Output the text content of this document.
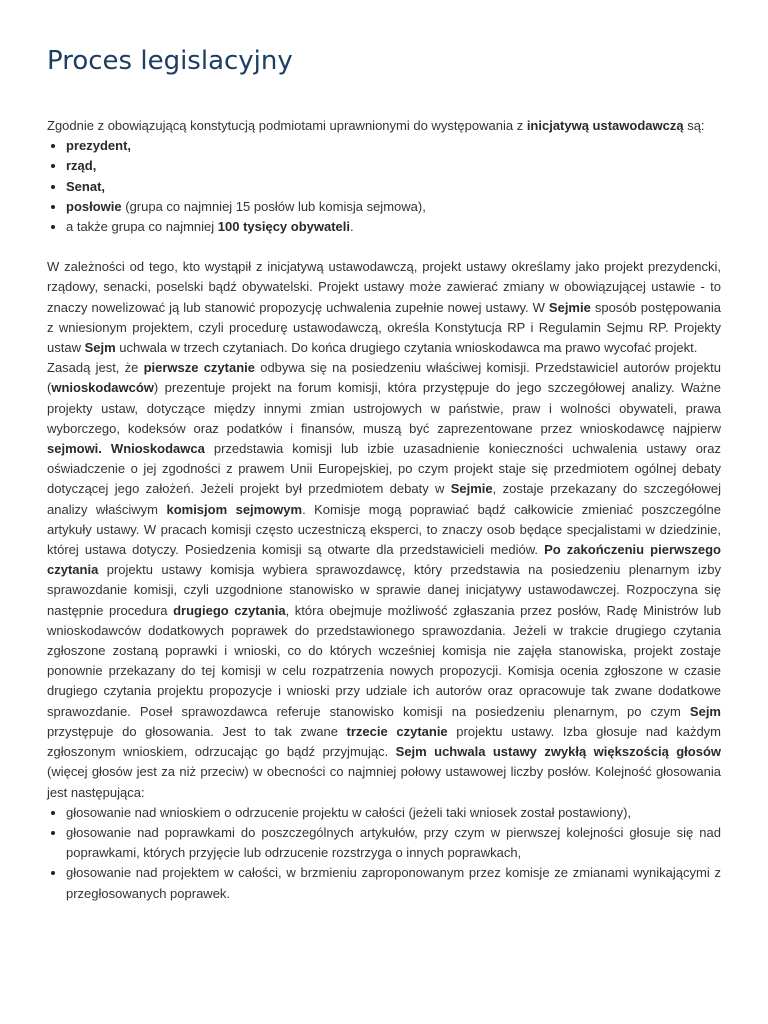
Proces legislacyjny

Zgodnie z obowiązującą konstytucją podmiotami uprawnionymi do występowania z inicjatywą ustawodawczą są:

• prezydent,
• rząd,
• Senat,
• posłowie (grupa co najmniej 15 posłów lub komisja sejmowa),
• a także grupa co najmniej 100 tysięcy obywateli.

W zależności od tego, kto wystąpił z inicjatywą ustawodawczą, projekt ustawy określamy jako projekt prezydencki, rządowy, senacki, poselski bądź obywatelski. Projekt ustawy może zawierać zmiany w obowiązującej ustawie - to znaczy nowelizować ją lub stanowić propozycję uchwalenia zupełnie nowej ustawy. W Sejmie sposób postępowania z wniesionym projektem, czyli procedurę ustawodawczą, określa Konstytucja RP i Regulamin Sejmu RP. Projekty ustaw Sejm uchwala w trzech czytaniach. Do końca drugiego czytania wnioskodawca ma prawo wycofać projekt.

Zasadą jest, że pierwsze czytanie odbywa się na posiedzeniu właściwej komisji. Przedstawiciel autorów projektu (wnioskodawców) prezentuje projekt na forum komisji, która przystępuje do jego szczegółowej analizy. Ważne projekty ustaw, dotyczące między innymi zmian ustrojowych w państwie, praw i wolności obywateli, prawa wyborczego, kodeksów oraz podatków i finansów, muszą być zaprezentowane przez wnioskodawcę najpierw sejmowi. Wnioskodawca przedstawia komisji lub izbie uzasadnienie konieczności uchwalenia ustawy oraz oświadczenie o jej zgodności z prawem Unii Europejskiej, po czym projekt staje się przedmiotem ogólnej debaty dotyczącej jego założeń. Jeżeli projekt był przedmiotem debaty w Sejmie, zostaje przekazany do szczegółowej analizy właściwym komisjom sejmowym. Komisje mogą poprawiać bądź całkowicie zmieniać poszczególne artykuły ustawy. W pracach komisji często uczestniczą eksperci, to znaczy osob będące specjalistami w dziedzinie, której ustawa dotyczy. Posiedzenia komisji są otwarte dla przedstawicieli mediów. Po zakończeniu pierwszego czytania projektu ustawy komisja wybiera sprawozdawcę, który przedstawia na posiedzeniu plenarnym izby sprawozdanie komisji, czyli uzgodnione stanowisko w sprawie danej inicjatywy ustawodawczej. Rozpoczyna się następnie procedura drugiego czytania, która obejmuje możliwość zgłaszania przez posłów, Radę Ministrów lub wnioskodawców dodatkowych poprawek do przedstawionego sprawozdania. Jeżeli w trakcie drugiego czytania zgłoszone zostaną poprawki i wnioski, co do których wcześniej komisja nie zajęła stanowiska, projekt zostaje ponownie przekazany do tej komisji w celu rozpatrzenia nowych propozycji. Komisja ocenia zgłoszone w czasie drugiego czytania projektu propozycje i wnioski przy udziale ich autorów oraz opracowuje tak zwane dodatkowe sprawozdanie. Poseł sprawozdawca referuje stanowisko komisji na posiedzeniu plenarnym, po czym Sejm przystępuje do głosowania. Jest to tak zwane trzecie czytanie projektu ustawy. Izba głosuje nad każdym zgłoszonym wnioskiem, odrzucając go bądź przyjmując. Sejm uchwala ustawy zwykłą większością głosów (więcej głosów jest za niż przeciw) w obecności co najmniej połowy ustawowej liczby posłów. Kolejność głosowania jest następująca:

• głosowanie nad wnioskiem o odrzucenie projektu w całości (jeżeli taki wniosek został postawiony),
• głosowanie nad poprawkami do poszczególnych artykułów, przy czym w pierwszej kolejności głosuje się nad poprawkami, których przyjęcie lub odrzucenie rozstrzyga o innych poprawkach,
• głosowanie nad projektem w całości, w brzmieniu zaproponowanym przez komisje ze zmianami wynikającymi z przegłosowanych poprawek.
